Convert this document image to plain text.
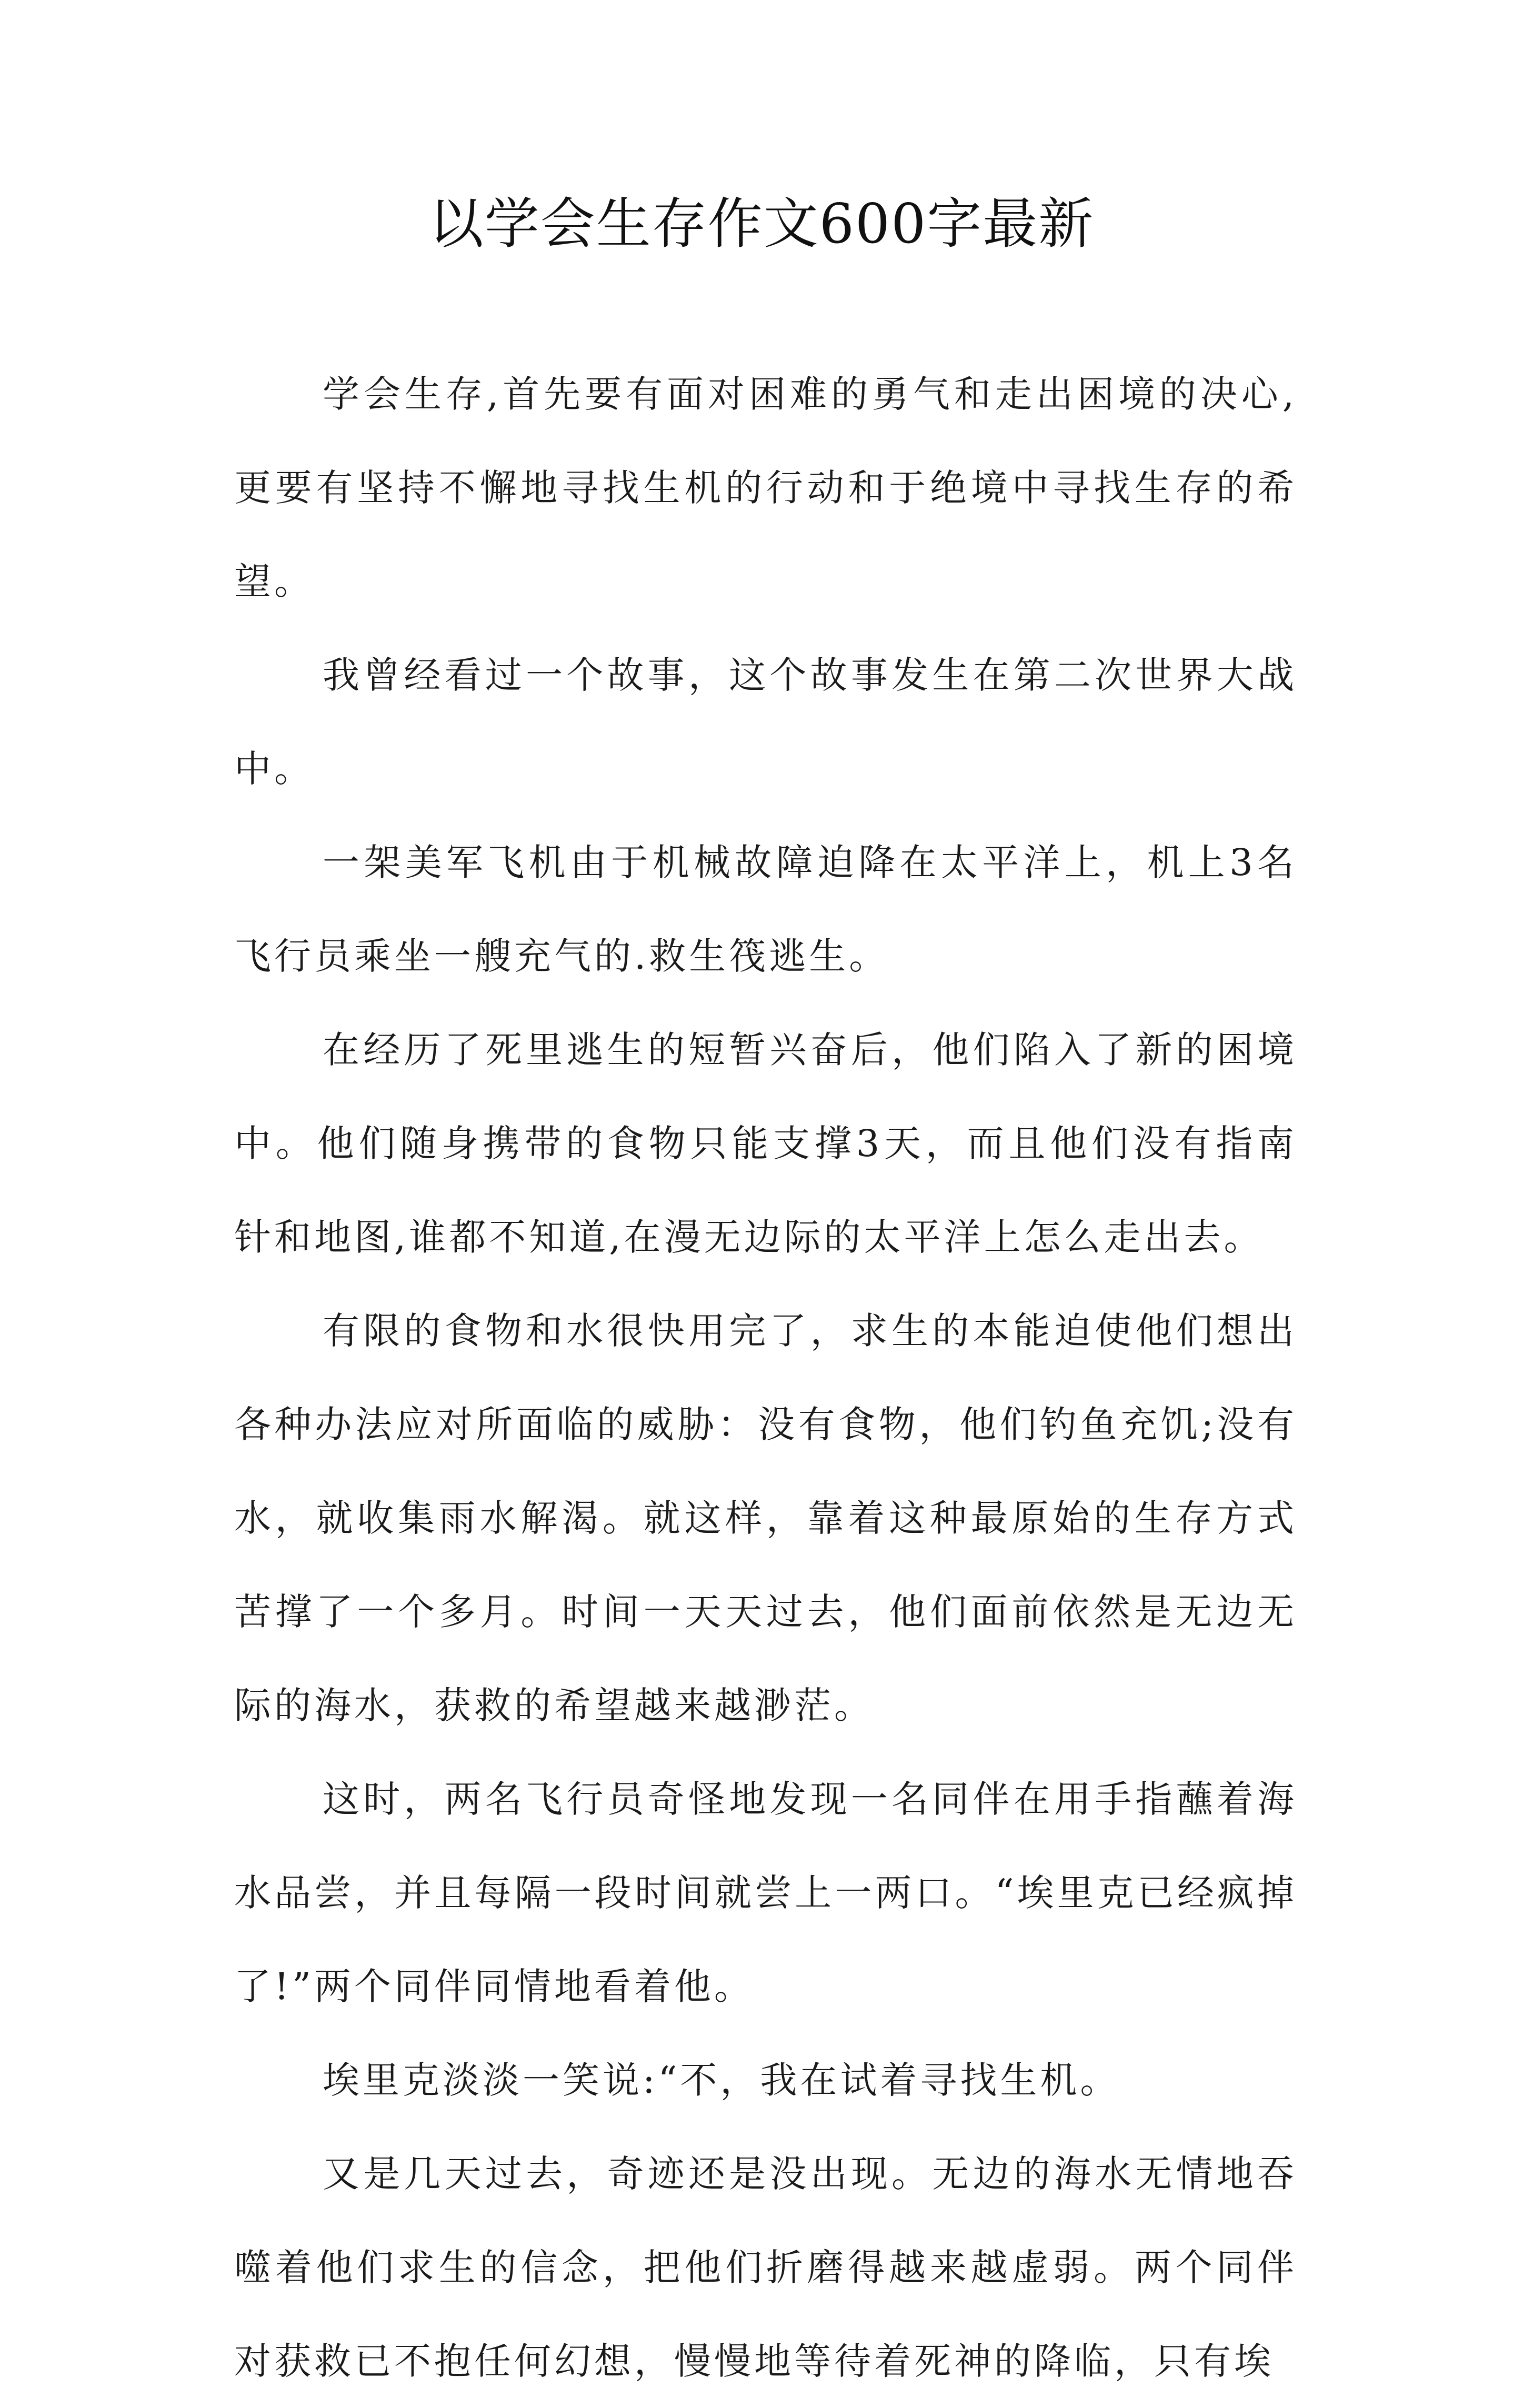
以学会生存作文600字最新

学会生存,首先要有面对困难的勇气和走出困境的决心,更要有坚持不懈地寻找生机的行动和于绝境中寻找生存的希望。

我曾经看过一个故事，这个故事发生在第二次世界大战中。

一架美军飞机由于机械故障迫降在太平洋上，机上3名飞行员乘坐一艘充气的.救生筏逃生。

在经历了死里逃生的短暂兴奋后，他们陷入了新的困境中。他们随身携带的食物只能支撑3天，而且他们没有指南针和地图,谁都不知道,在漫无边际的太平洋上怎么走出去。

有限的食物和水很快用完了，求生的本能迫使他们想出各种办法应对所面临的威胁：没有食物，他们钓鱼充饥;没有水，就收集雨水解渴。就这样，靠着这种最原始的生存方式苦撑了一个多月。时间一天天过去，他们面前依然是无边无际的海水，获救的希望越来越渺茫。

这时，两名飞行员奇怪地发现一名同伴在用手指蘸着海水品尝，并且每隔一段时间就尝上一两口。“埃里克已经疯掉了!”两个同伴同情地看着他。

埃里克淡淡一笑说:“不，我在试着寻找生机。

又是几天过去，奇迹还是没出现。无边的海水无情地吞噬着他们求生的信念，把他们折磨得越来越虚弱。两个同伴对获救已不抱任何幻想，慢慢地等待着死神的降临，只有埃
